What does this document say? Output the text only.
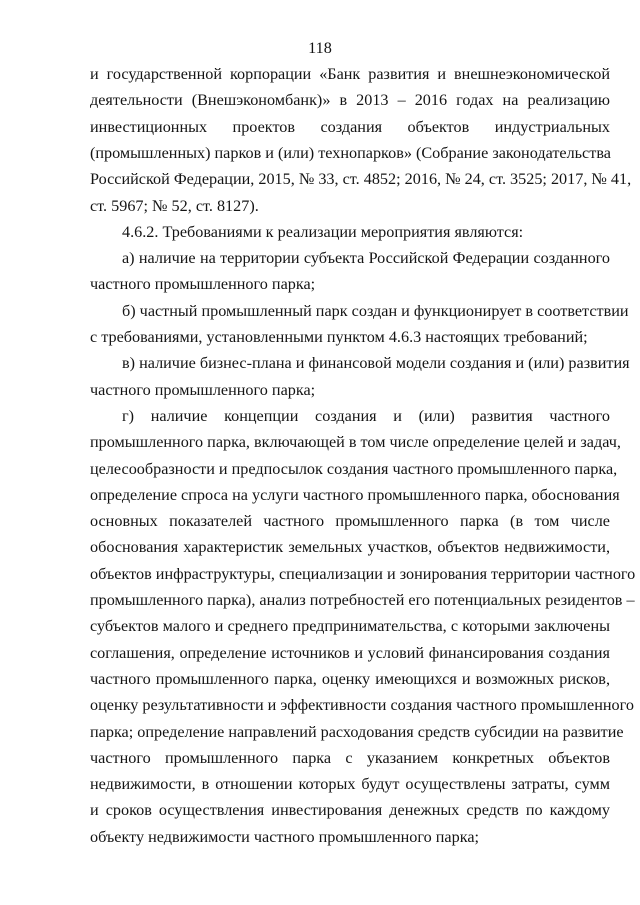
118
и государственной корпорации «Банк развития и внешнеэкономической
деятельности (Внешэкономбанк)» в 2013 – 2016 годах на реализацию
инвестиционных проектов создания объектов индустриальных
(промышленных) парков и (или) технопарков» (Собрание законодательства
Российской Федерации, 2015, № 33, ст. 4852; 2016, № 24, ст. 3525; 2017, № 41,
ст. 5967; № 52, ст. 8127).
4.6.2. Требованиями к реализации мероприятия являются:
а) наличие на территории субъекта Российской Федерации созданного
частного промышленного парка;
б) частный промышленный парк создан и функционирует в соответствии
с требованиями, установленными пунктом 4.6.3 настоящих требований;
в) наличие бизнес-плана и финансовой модели создания и (или) развития
частного промышленного парка;
г) наличие концепции создания и (или) развития частного
промышленного парка, включающей в том числе определение целей и задач,
целесообразности и предпосылок создания частного промышленного парка,
определение спроса на услуги частного промышленного парка, обоснования
основных показателей частного промышленного парка (в том числе
обоснования характеристик земельных участков, объектов недвижимости,
объектов инфраструктуры, специализации и зонирования территории частного
промышленного парка), анализ потребностей его потенциальных резидентов –
субъектов малого и среднего предпринимательства, с которыми заключены
соглашения, определение источников и условий финансирования создания
частного промышленного парка, оценку имеющихся и возможных рисков,
оценку результативности и эффективности создания частного промышленного
парка; определение направлений расходования средств субсидии на развитие
частного промышленного парка с указанием конкретных объектов
недвижимости, в отношении которых будут осуществлены затраты, сумм
и сроков осуществления инвестирования денежных средств по каждому
объекту недвижимости частного промышленного парка;
